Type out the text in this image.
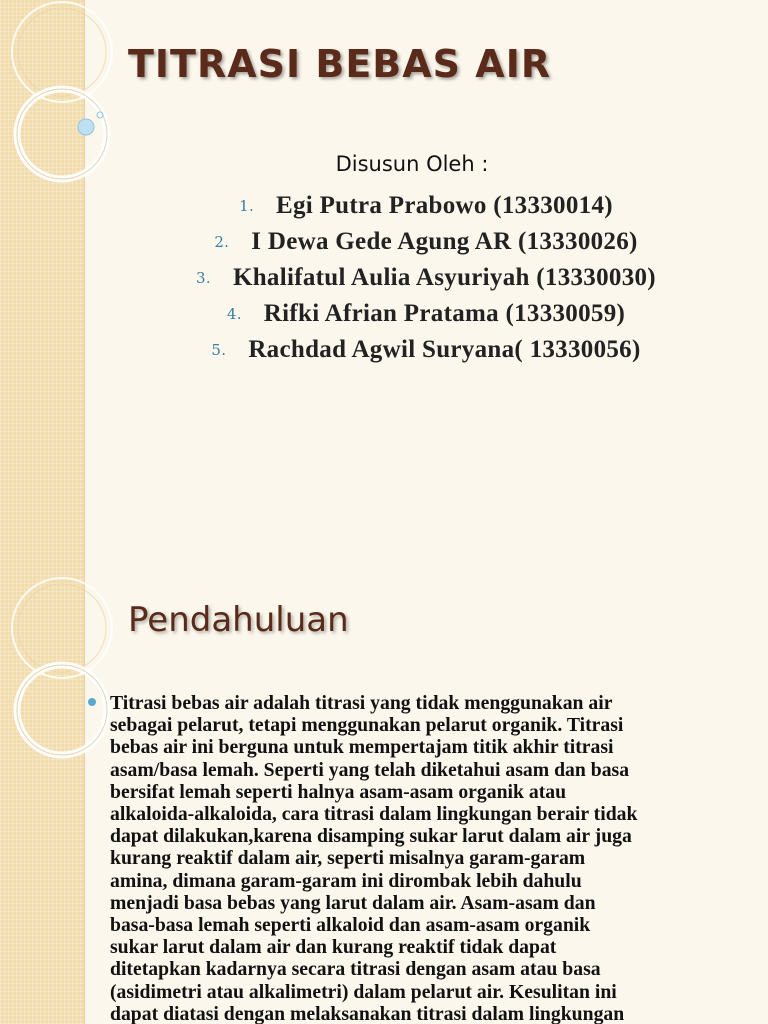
TITRASI BEBAS AIR
Disusun Oleh :
1. Egi Putra Prabowo (13330014)
2. I Dewa Gede Agung AR (13330026)
3. Khalifatul Aulia Asyuriyah (13330030)
4. Rifki Afrian Pratama (13330059)
5. Rachdad Agwil Suryana( 13330056)
Pendahuluan
Titrasi bebas air adalah titrasi yang tidak menggunakan air
sebagai pelarut, tetapi menggunakan pelarut organik. Titrasi
bebas air ini berguna untuk mempertajam titik akhir titrasi
asam/basa lemah. Seperti yang telah diketahui asam dan basa
bersifat lemah seperti halnya asam-asam organik atau
alkaloida-alkaloida, cara titrasi dalam lingkungan berair tidak
dapat dilakukan,karena disamping sukar larut dalam air juga
kurang reaktif dalam air, seperti misalnya garam-garam
amina, dimana garam-garam ini dirombak lebih dahulu
menjadi basa bebas yang larut dalam air. Asam-asam dan
basa-basa lemah seperti alkaloid dan asam-asam organik
sukar larut dalam air dan kurang reaktif tidak dapat
ditetapkan kadarnya secara titrasi dengan asam atau basa
(asidimetri atau alkalimetri) dalam pelarut air. Kesulitan ini
dapat diatasi dengan melaksanakan titrasi dalam lingkungan
